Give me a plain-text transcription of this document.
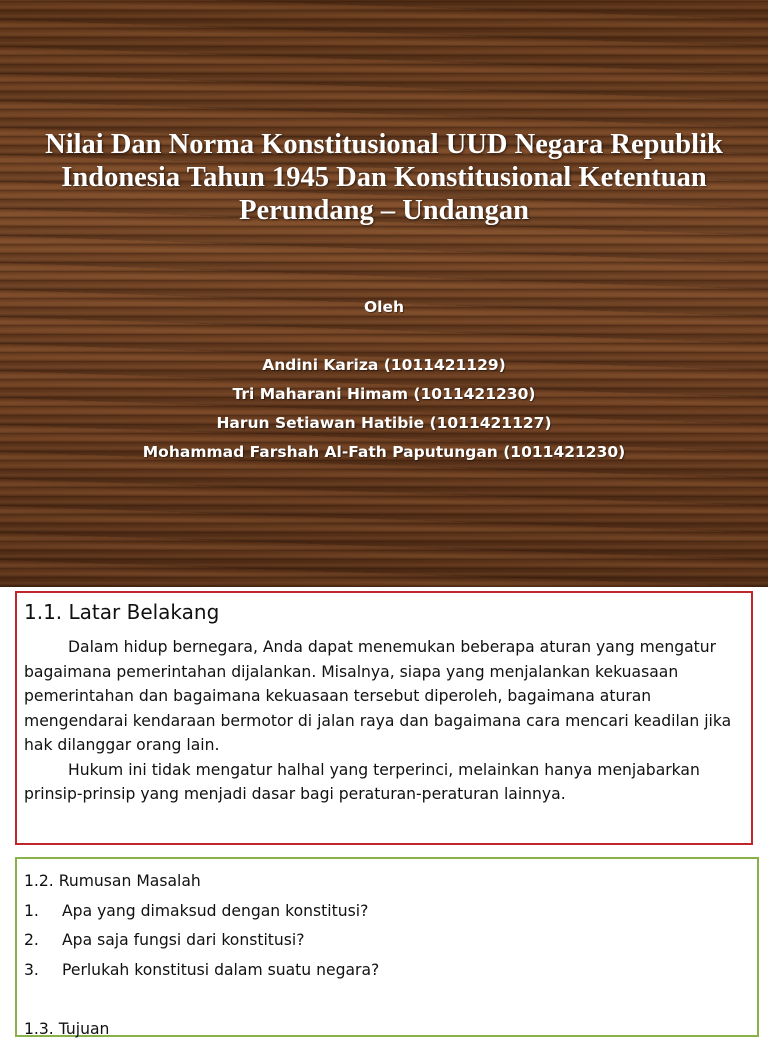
Nilai Dan Norma Konstitusional UUD Negara Republik Indonesia Tahun 1945 Dan Konstitusional Ketentuan Perundang – Undangan
Oleh
Andini Kariza (1011421129)
Tri Maharani Himam (1011421230)
Harun Setiawan Hatibie (1011421127)
Mohammad Farshah Al-Fath Paputungan (1011421230)
1.1. Latar Belakang

Dalam hidup bernegara, Anda dapat menemukan beberapa aturan yang mengatur bagaimana pemerintahan dijalankan. Misalnya, siapa yang menjalankan kekuasaan pemerintahan dan bagaimana kekuasaan tersebut diperoleh, bagaimana aturan mengendarai kendaraan bermotor di jalan raya dan bagaimana cara mencari keadilan jika hak dilanggar orang lain.

Hukum ini tidak mengatur halhal yang terperinci, melainkan hanya menjabarkan prinsip-prinsip yang menjadi dasar bagi peraturan-peraturan lainnya.

1.2. Rumusan Masalah
1.	Apa yang dimaksud dengan konstitusi?
2.	Apa saja fungsi dari konstitusi?
3.	Perlukah konstitusi dalam suatu negara?
1.3. Tujuan
